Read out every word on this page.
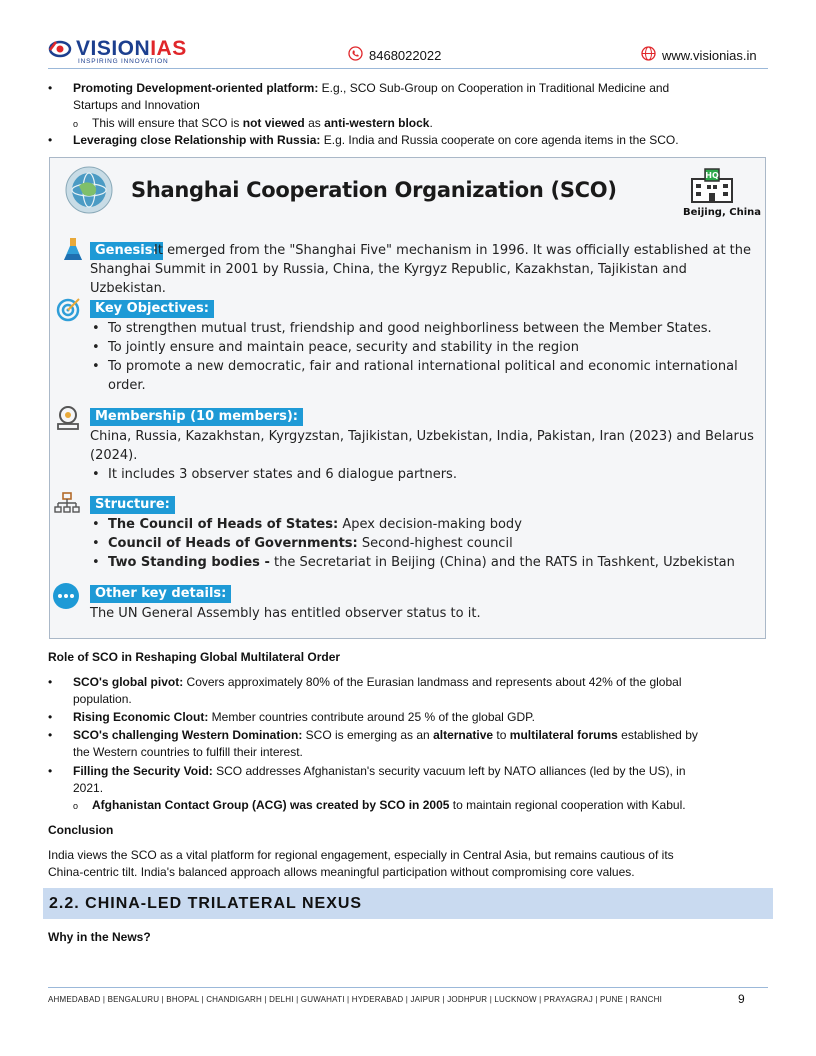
VISIONIAS
INSPIRING INNOVATION	8468022022	www.visionias.in
• Promoting Development-oriented platform: E.g., SCO Sub-Group on Cooperation in Traditional Medicine and
Startups and Innovation
o This will ensure that SCO is not viewed as anti-western block.
• Leveraging close Relationship with Russia: E.g. India and Russia cooperate on core agenda items in the SCO.
Shanghai Cooperation Organization (SCO)
HQ
Beijing, China
Genesis:
It emerged from the "Shanghai Five" mechanism in 1996. It was officially established at the
Shanghai Summit in 2001 by Russia, China, the Kyrgyz Republic, Kazakhstan, Tajikistan and Uzbekistan.
Key Objectives:
• To strengthen mutual trust, friendship and good neighborliness between the Member States.
• To jointly ensure and maintain peace, security and stability in the region
• To promote a new democratic, fair and rational international political and economic international
order.
Membership (10 members):
China, Russia, Kazakhstan, Kyrgyzstan, Tajikistan, Uzbekistan, India, Pakistan, Iran (2023) and Belarus
(2024).
• It includes 3 observer states and 6 dialogue partners.
Structure:
• The Council of Heads of States: Apex decision-making body
• Council of Heads of Governments: Second-highest council
• Two Standing bodies - the Secretariat in Beijing (China) and the RATS in Tashkent, Uzbekistan
Other key details:
The UN General Assembly has entitled observer status to it.
Role of SCO in Reshaping Global Multilateral Order
• SCO's global pivot: Covers approximately 80% of the Eurasian landmass and represents about 42% of the global
population.
• Rising Economic Clout: Member countries contribute around 25 % of the global GDP.
• SCO's challenging Western Domination: SCO is emerging as an alternative to multilateral forums established by
the Western countries to fulfill their interest.
• Filling the Security Void: SCO addresses Afghanistan's security vacuum left by NATO alliances (led by the US), in
2021.
o Afghanistan Contact Group (ACG) was created by SCO in 2005 to maintain regional cooperation with Kabul.
Conclusion
India views the SCO as a vital platform for regional engagement, especially in Central Asia, but remains cautious of its
China-centric tilt. India's balanced approach allows meaningful participation without compromising core values.
2.2. CHINA-LED TRILATERAL NEXUS
Why in the News?
AHMEDABAD | BENGALURU | BHOPAL | CHANDIGARH | DELHI | GUWAHATI | HYDERABAD | JAIPUR | JODHPUR | LUCKNOW | PRAYAGRAJ | PUNE | RANCHI	9
